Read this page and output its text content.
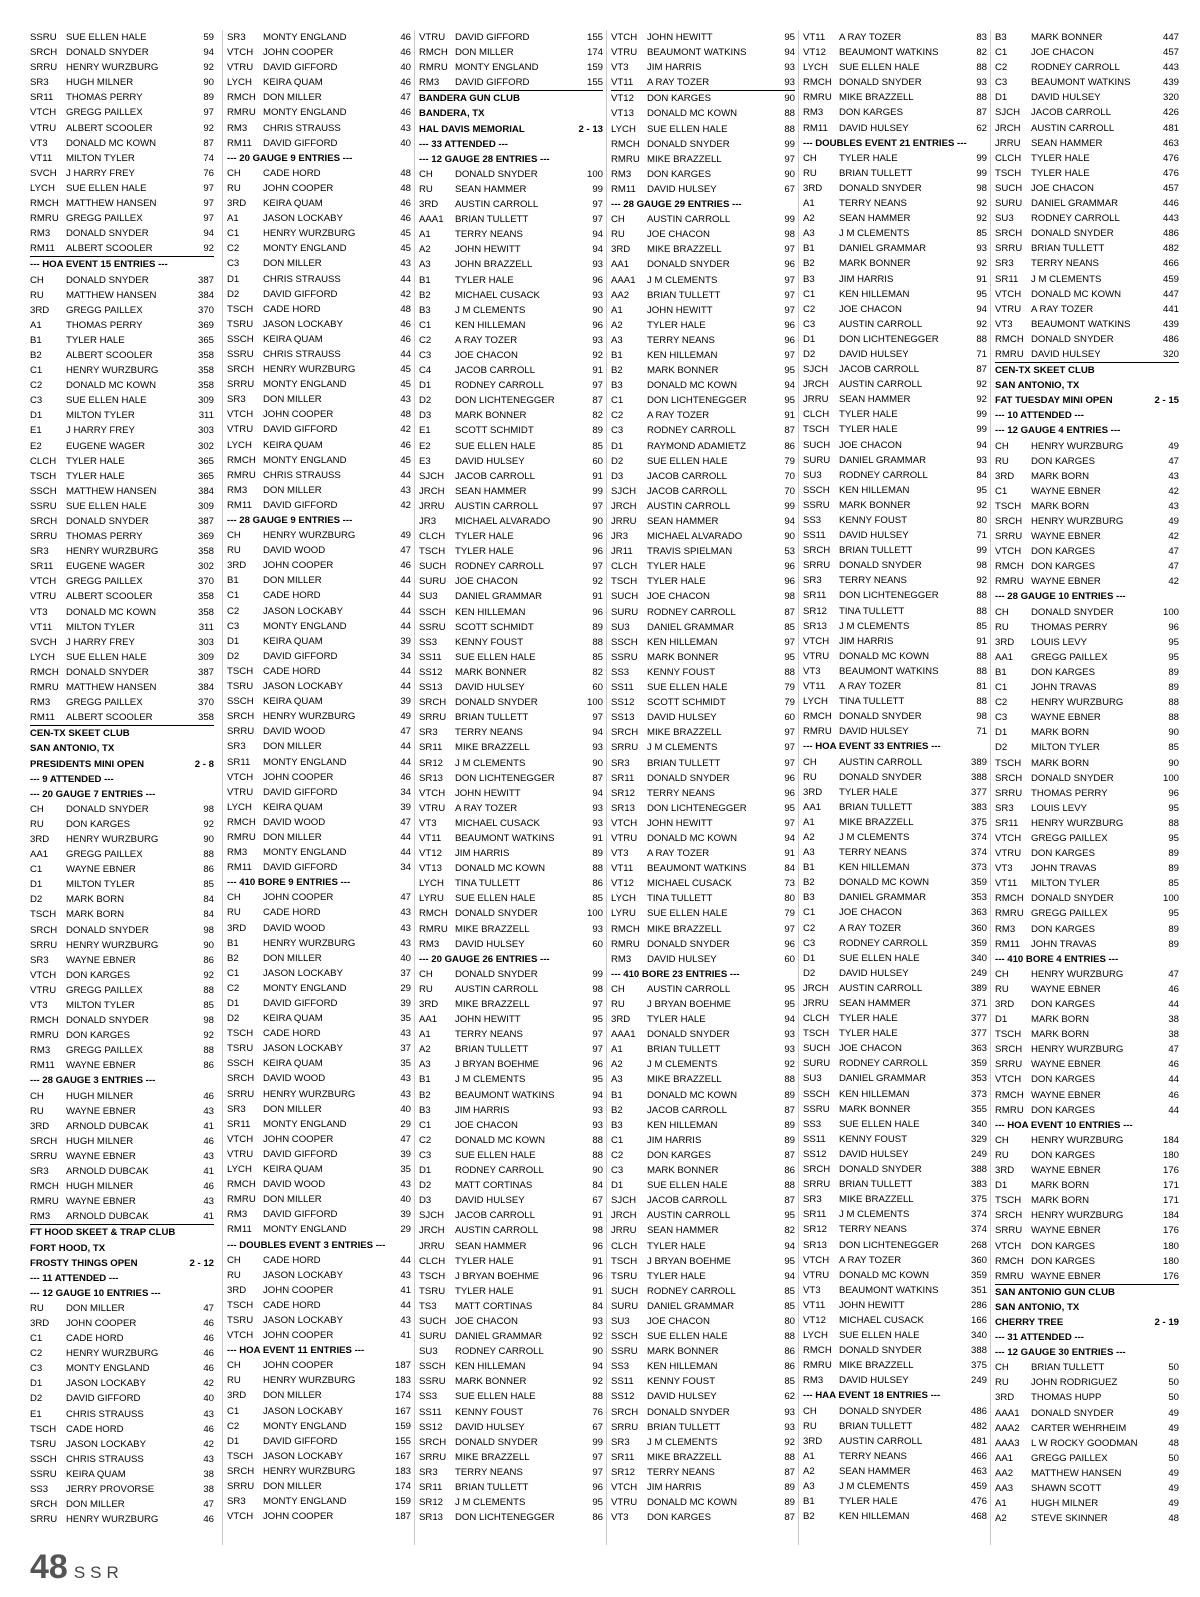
SSRU SUE ELLEN HALE	59
SRCH DONALD SNYDER	94
SRRU HENRY WURZBURG	92
SR3	HUGH MILNER	90
SR11	THOMAS PERRY	89
VTCH	GREGG PAILLEX	97
VTRU	ALBERT SCOOLER	92
VT3	DONALD MC KOWN	87
VT11	MILTON TYLER	74
SVCH J HARRY FREY	76
LYCH	SUE ELLEN HALE	97
RMCH MATTHEW HANSEN	97
RMRU GREGG PAILLEX	97
RM3	DONALD SNYDER	94
RM11	ALBERT SCOOLER	92
--- HOA EVENT 15 ENTRIES ---
CH	DONALD SNYDER	387
RU	MATTHEW HANSEN	384
3RD	GREGG PAILLEX	370
A1	THOMAS PERRY	369
B1	TYLER HALE	365
B2	ALBERT SCOOLER	358
C1	HENRY WURZBURG	358
C2	DONALD MC KOWN	358
C3	SUE ELLEN HALE	309
D1	MILTON TYLER	311
E1	J HARRY FREY	303
E2	EUGENE WAGER	302
CLCH	TYLER HALE	365
TSCH	TYLER HALE	365
SSCH MATTHEW HANSEN	384
SSRU SUE ELLEN HALE	309
SRCH DONALD SNYDER	387
SRRU THOMAS PERRY	369
SR3	HENRY WURZBURG	358
SR11	EUGENE WAGER	302
VTCH	GREGG PAILLEX	370
VTRU	ALBERT SCOOLER	358
VT3	DONALD MC KOWN	358
VT11	MILTON TYLER	311
SVCH J HARRY FREY	303
LYCH	SUE ELLEN HALE	309
RMCH DONALD SNYDER	387
RMRU MATTHEW HANSEN	384
RM3	GREGG PAILLEX	370
RM11	ALBERT SCOOLER	358
CEN-TX SKEET CLUB
SAN ANTONIO, TX
PRESIDENTS MINI OPEN	2 - 8
--- 9 ATTENDED ---
--- 20 GAUGE 7 ENTRIES ---
CH	DONALD SNYDER	98
RU	DON KARGES	92
3RD	HENRY WURZBURG	90
AA1	GREGG PAILLEX	88
C1	WAYNE EBNER	86
D1	MILTON TYLER	85
D2	MARK BORN	84
TSCH	MARK BORN	84
SRCH DONALD SNYDER	98
SRRU HENRY WURZBURG	90
SR3	WAYNE EBNER	86
VTCH	DON KARGES	92
VTRU	GREGG PAILLEX	88
VT3	MILTON TYLER	85
RMCH DONALD SNYDER	98
RMRU DON KARGES	92
RM3	GREGG PAILLEX	88
RM11	WAYNE EBNER	86
--- 28 GAUGE 3 ENTRIES ---
CH	HUGH MILNER	46
RU	WAYNE EBNER	43
3RD	ARNOLD DUBCAK	41
SRCH HUGH MILNER	46
SRRU WAYNE EBNER	43
SR3	ARNOLD DUBCAK	41
RMCH HUGH MILNER	46
RMRU WAYNE EBNER	43
RM3	ARNOLD DUBCAK	41
FT HOOD SKEET & TRAP CLUB
FORT HOOD, TX
FROSTY THINGS OPEN	2 - 12
--- 11 ATTENDED ---
--- 12 GAUGE 10 ENTRIES ---
RU	DON MILLER	47
3RD	JOHN COOPER	46
C1	CADE HORD	46
C2	HENRY WURZBURG	46
C3	MONTY ENGLAND	46
D1	JASON LOCKABY	42
D2	DAVID GIFFORD	40
E1	CHRIS STRAUSS	43
TSCH	CADE HORD	46
TSRU	JASON LOCKABY	42
SSCH CHRIS STRAUSS	43
SSRU KEIRA QUAM	38
SS3	JERRY PROVORSE	38
SRCH DON MILLER	47
SRRU HENRY WURZBURG	46
SR3	MONTY ENGLAND	46
VTCH	JOHN COOPER	46
VTRU	DAVID GIFFORD	40
LYCH	KEIRA QUAM	46
RMCH DON MILLER	47
RMRU MONTY ENGLAND	46
RM3	CHRIS STRAUSS	43
RM11	DAVID GIFFORD	40
--- 20 GAUGE 9 ENTRIES ---
CH	CADE HORD	48
RU	JOHN COOPER	48
3RD	KEIRA QUAM	46
A1	JASON LOCKABY	46
C1	HENRY WURZBURG	45
C2	MONTY ENGLAND	45
C3	DON MILLER	43
D1	CHRIS STRAUSS	44
D2	DAVID GIFFORD	42
TSCH	CADE HORD	48
TSRU	JASON LOCKABY	46
SSCH KEIRA QUAM	46
SSRU CHRIS STRAUSS	44
SRCH HENRY WURZBURG	45
SRRU MONTY ENGLAND	45
SR3	DON MILLER	43
VTCH	JOHN COOPER	48
VTRU	DAVID GIFFORD	42
LYCH	KEIRA QUAM	46
RMCH MONTY ENGLAND	45
RMRU CHRIS STRAUSS	44
RM3	DON MILLER	43
RM11	DAVID GIFFORD	42
--- 28 GAUGE 9 ENTRIES ---
CH	HENRY WURZBURG	49
RU	DAVID WOOD	47
3RD	JOHN COOPER	46
B1	DON MILLER	44
C1	CADE HORD	44
C2	JASON LOCKABY	44
C3	MONTY ENGLAND	44
D1	KEIRA QUAM	39
D2	DAVID GIFFORD	34
TSCH	CADE HORD	44
TSRU	JASON LOCKABY	44
SSCH KEIRA QUAM	39
SRCH HENRY WURZBURG	49
SRRU DAVID WOOD	47
SR3	DON MILLER	44
SR11	MONTY ENGLAND	44
VTCH	JOHN COOPER	46
VTRU	DAVID GIFFORD	34
LYCH	KEIRA QUAM	39
RMCH DAVID WOOD	47
RMRU DON MILLER	44
RM3	MONTY ENGLAND	44
RM11	DAVID GIFFORD	34
--- 410 BORE 9 ENTRIES ---
CH	JOHN COOPER	47
RU	CADE HORD	43
3RD	DAVID WOOD	43
B1	HENRY WURZBURG	43
B2	DON MILLER	40
C1	JASON LOCKABY	37
C2	MONTY ENGLAND	29
D1	DAVID GIFFORD	39
D2	KEIRA QUAM	35
TSCH	CADE HORD	43
TSRU	JASON LOCKABY	37
SSCH KEIRA QUAM	35
SRCH DAVID WOOD	43
SRRU HENRY WURZBURG	43
SR3	DON MILLER	40
SR11	MONTY ENGLAND	29
VTCH	JOHN COOPER	47
VTRU	DAVID GIFFORD	39
LYCH	KEIRA QUAM	35
RMCH DAVID WOOD	43
RMRU DON MILLER	40
RM3	DAVID GIFFORD	39
RM11	MONTY ENGLAND	29
--- DOUBLES EVENT 3 ENTRIES ---
CH	CADE HORD	44
RU	JASON LOCKABY	43
3RD	JOHN COOPER	41
TSCH	CADE HORD	44
TSRU	JASON LOCKABY	43
VTCH	JOHN COOPER	41
--- HOA EVENT 11 ENTRIES ---
CH	JOHN COOPER	187
RU	HENRY WURZBURG	183
3RD	DON MILLER	174
C1	JASON LOCKABY	167
C2	MONTY ENGLAND	159
D1	DAVID GIFFORD	155
TSCH	JASON LOCKABY	167
SRCH HENRY WURZBURG	183
SRRU DON MILLER	174
SR3	MONTY ENGLAND	159
VTCH	JOHN COOPER	187
VTRU	DAVID GIFFORD	155
RMCH DON MILLER	174
RMRU MONTY ENGLAND	159
RM3	DAVID GIFFORD	155
BANDERA GUN CLUB
BANDERA, TX
HAL DAVIS MEMORIAL	2 - 13
--- 33 ATTENDED ---
--- 12 GAUGE 28 ENTRIES ---
CH	DONALD SNYDER	100
RU	SEAN HAMMER	99
3RD	AUSTIN CARROLL	97
AAA1	BRIAN TULLETT	97
A1	TERRY NEANS	94
A2	JOHN HEWITT	94
A3	JOHN BRAZZELL	93
B1	TYLER HALE	96
B2	MICHAEL CUSACK	93
B3	J M CLEMENTS	90
C1	KEN HILLEMAN	96
C2	A RAY TOZER	93
C3	JOE CHACON	92
C4	JACOB CARROLL	91
D1	RODNEY CARROLL	97
D2	DON LICHTENEGGER	87
D3	MARK BONNER	82
E1	SCOTT SCHMIDT	89
E2	SUE ELLEN HALE	85
E3	DAVID HULSEY	60
SJCH	JACOB CARROLL	91
JRCH	SEAN HAMMER	99
JRRU	AUSTIN CARROLL	97
JR3	MICHAEL ALVARADO	90
CLCH	TYLER HALE	96
TSCH	TYLER HALE	96
SUCH RODNEY CARROLL	97
SURU JOE CHACON	92
SU3	DANIEL GRAMMAR	91
SSCH KEN HILLEMAN	96
SSRU SCOTT SCHMIDT	89
SS3	KENNY FOUST	88
SS11	SUE ELLEN HALE	85
SS12	MARK BONNER	82
SS13	DAVID HULSEY	60
SRCH DONALD SNYDER	100
SRRU BRIAN TULLETT	97
SR3	TERRY NEANS	94
SR11	MIKE BRAZZELL	93
SR12	J M CLEMENTS	90
SR13	DON LICHTENEGGER	87
VTCH	JOHN HEWITT	94
VTRU	A RAY TOZER	93
VT3	MICHAEL CUSACK	93
VT11	BEAUMONT WATKINS	91
VT12	JIM HARRIS	89
VT13	DONALD MC KOWN	88
LYCH	TINA TULLETT	86
LYRU	SUE ELLEN HALE	85
RMCH DONALD SNYDER	100
RMRU MIKE BRAZZELL	93
RM3	DAVID HULSEY	60
--- 20 GAUGE 26 ENTRIES ---
CH	DONALD SNYDER	99
RU	AUSTIN CARROLL	98
3RD	MIKE BRAZZELL	97
AA1	JOHN HEWITT	95
A1	TERRY NEANS	97
A2	BRIAN TULLETT	97
A3	J BRYAN BOEHME	96
B1	J M CLEMENTS	95
B2	BEAUMONT WATKINS	94
B3	JIM HARRIS	93
C1	JOE CHACON	93
C2	DONALD MC KOWN	88
C3	SUE ELLEN HALE	88
D1	RODNEY CARROLL	90
D2	MATT CORTINAS	84
D3	DAVID HULSEY	67
SJCH	JACOB CARROLL	91
JRCH	AUSTIN CARROLL	98
JRRU	SEAN HAMMER	96
CLCH	TYLER HALE	91
TSCH	J BRYAN BOEHME	96
TSRU	TYLER HALE	91
TS3	MATT CORTINAS	84
SUCH JOE CHACON	93
SURU DANIEL GRAMMAR	92
SU3	RODNEY CARROLL	90
SSCH KEN HILLEMAN	94
SSRU MARK BONNER	92
SS3	SUE ELLEN HALE	88
SS11	KENNY FOUST	76
SS12	DAVID HULSEY	67
SRCH DONALD SNYDER	99
SRRU MIKE BRAZZELL	97
SR3	TERRY NEANS	97
SR11	BRIAN TULLETT	96
SR12	J M CLEMENTS	95
SR13	DON LICHTENEGGER	86
VTCH	JOHN HEWITT	95
VTRU	BEAUMONT WATKINS	94
VT3	JIM HARRIS	93
VT11	A RAY TOZER	93
VT12	DON KARGES	90
VT13	DONALD MC KOWN	88
LYCH	SUE ELLEN HALE	88
RMCH DONALD SNYDER	99
RMRU MIKE BRAZZELL	97
RM3	DON KARGES	90
RM11	DAVID HULSEY	67
--- 28 GAUGE 29 ENTRIES ---
CH	AUSTIN CARROLL	99
RU	JOE CHACON	98
3RD	MIKE BRAZZELL	97
AA1	DONALD SNYDER	96
AAA1	J M CLEMENTS	97
AA2	BRIAN TULLETT	97
A1	JOHN HEWITT	97
A2	TYLER HALE	96
A3	TERRY NEANS	96
B1	KEN HILLEMAN	97
B2	MARK BONNER	95
B3	DONALD MC KOWN	94
C1	DON LICHTENEGGER	95
C2	A RAY TOZER	91
C3	RODNEY CARROLL	87
D1	RAYMOND ADAMIETZ	86
D2	SUE ELLEN HALE	79
D3	JACOB CARROLL	70
SJCH	JACOB CARROLL	70
JRCH	AUSTIN CARROLL	99
JRRU	SEAN HAMMER	94
JR3	MICHAEL ALVARADO	90
JR11	TRAVIS SPIELMAN	53
CLCH	TYLER HALE	96
TSCH	TYLER HALE	96
SUCH JOE CHACON	98
SURU RODNEY CARROLL	87
SU3	DANIEL GRAMMAR	85
SSCH KEN HILLEMAN	97
SSRU MARK BONNER	95
SS3	KENNY FOUST	88
SS11	SUE ELLEN HALE	79
SS12	SCOTT SCHMIDT	79
SS13	DAVID HULSEY	60
SRCH MIKE BRAZZELL	97
SRRU J M CLEMENTS	97
SR3	BRIAN TULLETT	97
SR11	DONALD SNYDER	96
SR12	TERRY NEANS	96
SR13	DON LICHTENEGGER	95
VTCH	JOHN HEWITT	97
VTRU	DONALD MC KOWN	94
VT3	A RAY TOZER	91
VT11	BEAUMONT WATKINS	84
VT12	MICHAEL CUSACK	73
LYCH	TINA TULLETT	80
LYRU	SUE ELLEN HALE	79
RMCH MIKE BRAZZELL	97
RMRU DONALD SNYDER	96
RM3	DAVID HULSEY	60
--- 410 BORE 23 ENTRIES ---
CH	AUSTIN CARROLL	95
RU	J BRYAN BOEHME	95
3RD	TYLER HALE	94
AAA1	DONALD SNYDER	93
A1	BRIAN TULLETT	93
A2	J M CLEMENTS	92
A3	MIKE BRAZZELL	88
B1	DONALD MC KOWN	89
B2	JACOB CARROLL	87
B3	KEN HILLEMAN	89
C1	JIM HARRIS	89
C2	DON KARGES	87
C3	MARK BONNER	86
D1	SUE ELLEN HALE	88
SJCH	JACOB CARROLL	87
JRCH	AUSTIN CARROLL	95
JRRU	SEAN HAMMER	82
CLCH	TYLER HALE	94
TSCH	J BRYAN BOEHME	95
TSRU	TYLER HALE	94
SUCH RODNEY CARROLL	85
SURU DANIEL GRAMMAR	85
SU3	JOE CHACON	80
SSCH SUE ELLEN HALE	88
SSRU MARK BONNER	86
SS3	KEN HILLEMAN	86
SS11	KENNY FOUST	85
SS12	DAVID HULSEY	62
SRCH DONALD SNYDER	93
SRRU BRIAN TULLETT	93
SR3	J M CLEMENTS	92
SR11	MIKE BRAZZELL	88
SR12	TERRY NEANS	87
VTCH	JIM HARRIS	89
VTRU	DONALD MC KOWN	89
VT3	DON KARGES	87
VT11	A RAY TOZER	83
VT12	BEAUMONT WATKINS	82
LYCH	SUE ELLEN HALE	88
RMCH DONALD SNYDER	93
RMRU MIKE BRAZZELL	88
RM3	DON KARGES	87
RM11	DAVID HULSEY	62
--- DOUBLES EVENT 21 ENTRIES ---
CH	TYLER HALE	99
RU	BRIAN TULLETT	99
3RD	DONALD SNYDER	98
A1	TERRY NEANS	92
A2	SEAN HAMMER	92
A3	J M CLEMENTS	85
B1	DANIEL GRAMMAR	93
B2	MARK BONNER	92
B3	JIM HARRIS	91
C1	KEN HILLEMAN	95
C2	JOE CHACON	94
C3	AUSTIN CARROLL	92
D1	DON LICHTENEGGER	88
D2	DAVID HULSEY	71
SJCH	JACOB CARROLL	87
JRCH	AUSTIN CARROLL	92
JRRU	SEAN HAMMER	92
CLCH	TYLER HALE	99
TSCH	TYLER HALE	99
SUCH JOE CHACON	94
SURU DANIEL GRAMMAR	93
SU3	RODNEY CARROLL	84
SSCH KEN HILLEMAN	95
SSRU MARK BONNER	92
SS3	KENNY FOUST	80
SS11	DAVID HULSEY	71
SRCH BRIAN TULLETT	99
SRRU DONALD SNYDER	98
SR3	TERRY NEANS	92
SR11	DON LICHTENEGGER	88
SR12	TINA TULLETT	88
SR13	J M CLEMENTS	85
VTCH	JIM HARRIS	91
VTRU	DONALD MC KOWN	88
VT3	BEAUMONT WATKINS	88
VT11	A RAY TOZER	81
LYCH	TINA TULLETT	88
RMCH DONALD SNYDER	98
RMRU DAVID HULSEY	71
--- HOA EVENT 33 ENTRIES ---
CH	AUSTIN CARROLL	389
RU	DONALD SNYDER	388
3RD	TYLER HALE	377
AA1	BRIAN TULLETT	383
A1	MIKE BRAZZELL	375
A2	J M CLEMENTS	374
A3	TERRY NEANS	374
B1	KEN HILLEMAN	373
B2	DONALD MC KOWN	359
B3	DANIEL GRAMMAR	353
C1	JOE CHACON	363
C2	A RAY TOZER	360
C3	RODNEY CARROLL	359
D1	SUE ELLEN HALE	340
D2	DAVID HULSEY	249
JRCH	AUSTIN CARROLL	389
JRRU	SEAN HAMMER	371
CLCH	TYLER HALE	377
TSCH	TYLER HALE	377
SUCH JOE CHACON	363
SURU RODNEY CARROLL	359
SU3	DANIEL GRAMMAR	353
SSCH KEN HILLEMAN	373
SSRU MARK BONNER	355
SS3	SUE ELLEN HALE	340
SS11	KENNY FOUST	329
SS12	DAVID HULSEY	249
SRCH DONALD SNYDER	388
SRRU BRIAN TULLETT	383
SR3	MIKE BRAZZELL	375
SR11	J M CLEMENTS	374
SR12	TERRY NEANS	374
SR13	DON LICHTENEGGER	268
VTCH	A RAY TOZER	360
VTRU	DONALD MC KOWN	359
VT3	BEAUMONT WATKINS	351
VT11	JOHN HEWITT	286
VT12	MICHAEL CUSACK	166
LYCH	SUE ELLEN HALE	340
RMCH DONALD SNYDER	388
RMRU MIKE BRAZZELL	375
RM3	DAVID HULSEY	249
--- HAA EVENT 18 ENTRIES ---
CH	DONALD SNYDER	486
RU	BRIAN TULLETT	482
3RD	AUSTIN CARROLL	481
A1	TERRY NEANS	466
A2	SEAN HAMMER	463
A3	J M CLEMENTS	459
B1	TYLER HALE	476
B2	KEN HILLEMAN	468
B3	MARK BONNER	447
C1	JOE CHACON	457
C2	RODNEY CARROLL	443
C3	BEAUMONT WATKINS	439
D1	DAVID HULSEY	320
SJCH	JACOB CARROLL	426
JRCH	AUSTIN CARROLL	481
JRRU	SEAN HAMMER	463
CLCH	TYLER HALE	476
TSCH	TYLER HALE	476
SUCH JOE CHACON	457
SURU DANIEL GRAMMAR	446
SU3	RODNEY CARROLL	443
SRCH DONALD SNYDER	486
SRRU BRIAN TULLETT	482
SR3	TERRY NEANS	466
SR11	J M CLEMENTS	459
VTCH	DONALD MC KOWN	447
VTRU	A RAY TOZER	441
VT3	BEAUMONT WATKINS	439
RMCH DONALD SNYDER	486
RMRU DAVID HULSEY	320
CEN-TX SKEET CLUB
SAN ANTONIO, TX
FAT TUESDAY MINI OPEN	2 - 15
--- 10 ATTENDED ---
--- 12 GAUGE 4 ENTRIES ---
CH	HENRY WURZBURG	49
RU	DON KARGES	47
3RD	MARK BORN	43
C1	WAYNE EBNER	42
TSCH	MARK BORN	43
SRCH HENRY WURZBURG	49
SRRU WAYNE EBNER	42
VTCH	DON KARGES	47
RMCH DON KARGES	47
RMRU WAYNE EBNER	42
--- 28 GAUGE 10 ENTRIES ---
CH	DONALD SNYDER	100
RU	THOMAS PERRY	96
3RD	LOUIS LEVY	95
AA1	GREGG PAILLEX	95
B1	DON KARGES	89
C1	JOHN TRAVAS	89
C2	HENRY WURZBURG	88
C3	WAYNE EBNER	88
D1	MARK BORN	90
D2	MILTON TYLER	85
TSCH	MARK BORN	90
SRCH DONALD SNYDER	100
SRRU THOMAS PERRY	96
SR3	LOUIS LEVY	95
SR11	HENRY WURZBURG	88
VTCH	GREGG PAILLEX	95
VTRU	DON KARGES	89
VT3	JOHN TRAVAS	89
VT11	MILTON TYLER	85
RMCH DONALD SNYDER	100
RMRU GREGG PAILLEX	95
RM3	DON KARGES	89
RM11	JOHN TRAVAS	89
--- 410 BORE 4 ENTRIES ---
CH	HENRY WURZBURG	47
RU	WAYNE EBNER	46
3RD	DON KARGES	44
D1	MARK BORN	38
TSCH	MARK BORN	38
SRCH HENRY WURZBURG	47
SRRU WAYNE EBNER	46
VTCH	DON KARGES	44
RMCH WAYNE EBNER	46
RMRU DON KARGES	44
--- HOA EVENT 10 ENTRIES ---
CH	HENRY WURZBURG	184
RU	DON KARGES	180
3RD	WAYNE EBNER	176
D1	MARK BORN	171
TSCH	MARK BORN	171
SRCH HENRY WURZBURG	184
SRRU WAYNE EBNER	176
VTCH	DON KARGES	180
RMCH DON KARGES	180
RMRU WAYNE EBNER	176
SAN ANTONIO GUN CLUB
SAN ANTONIO, TX
CHERRY TREE	2 - 19
--- 31 ATTENDED ---
--- 12 GAUGE 30 ENTRIES ---
CH	BRIAN TULLETT	50
RU	JOHN RODRIGUEZ	50
3RD	THOMAS HUPP	50
AAA1	DONALD SNYDER	49
AAA2	CARTER WEHRHEIM	49
AAA3	L W ROCKY GOODMAN	48
AA1	GREGG PAILLEX	50
AA2	MATTHEW HANSEN	49
AA3	SHAWN SCOTT	49
A1	HUGH MILNER	49
A2	STEVE SKINNER	48
48 SSR
